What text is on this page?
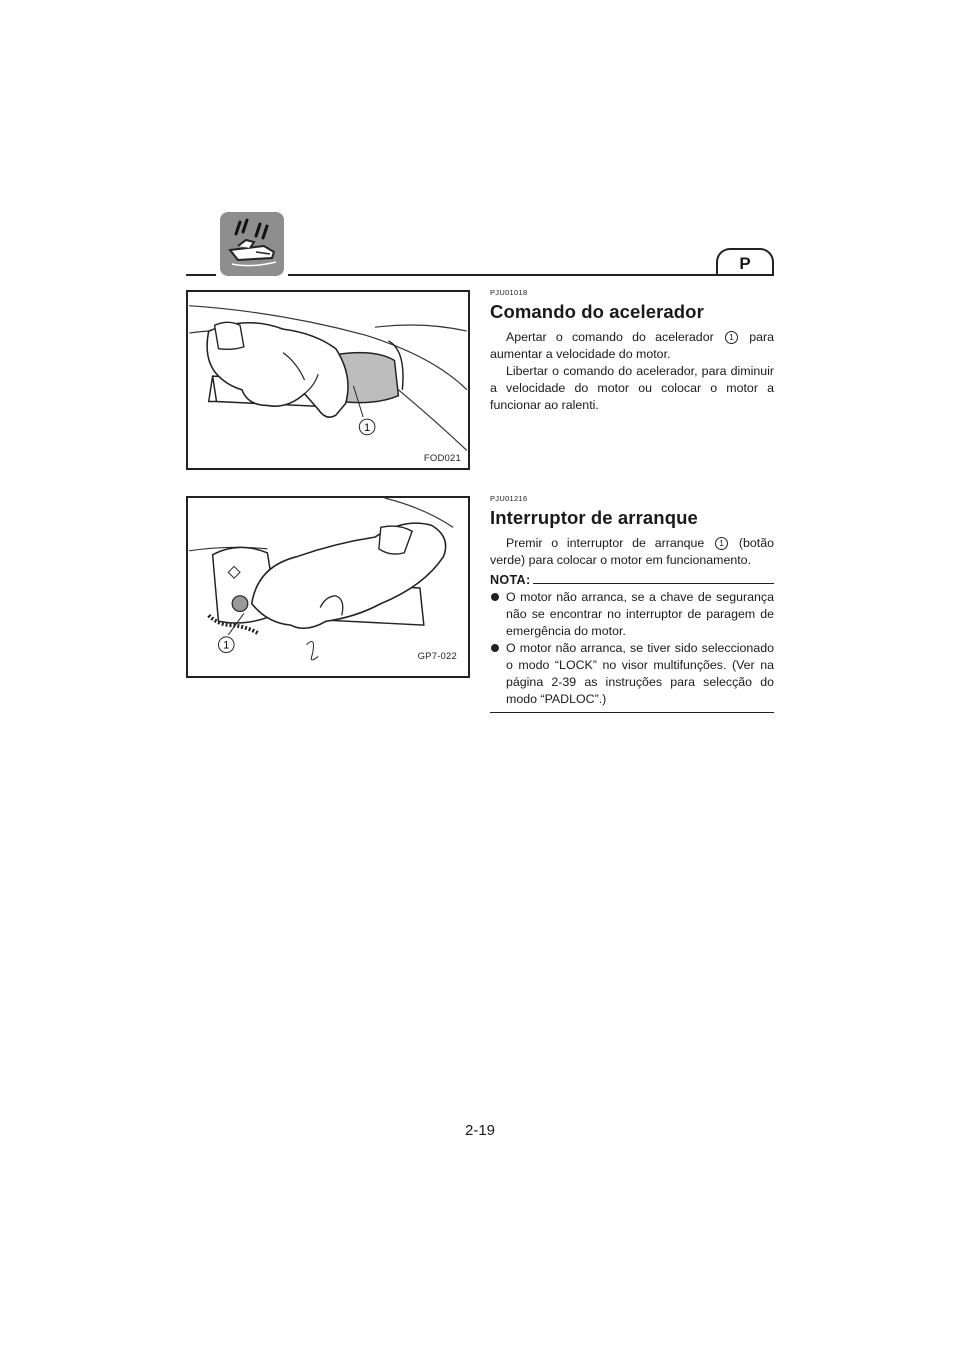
P
1
FOD021
1
GP7-022

PJU01018

Comando do acelerador

Apertar o comando do acelerador 1 para aumentar a velocidade do motor.

Libertar o comando do acelerador, para diminuir a velocidade do motor ou colocar o motor a funcionar ao ralenti.

PJU01216

Interruptor de arranque

Premir o interruptor de arranque 1 (botão verde) para colocar o motor em funcionamento.

NOTA:
O motor não arranca, se a chave de segurança não se encontrar no interruptor de paragem de emergência do motor.
O motor não arranca, se tiver sido seleccionado o modo “LOCK” no visor multifunções. (Ver na página 2-39 as instruções para selecção do modo “PADLOC”.)
2-19
